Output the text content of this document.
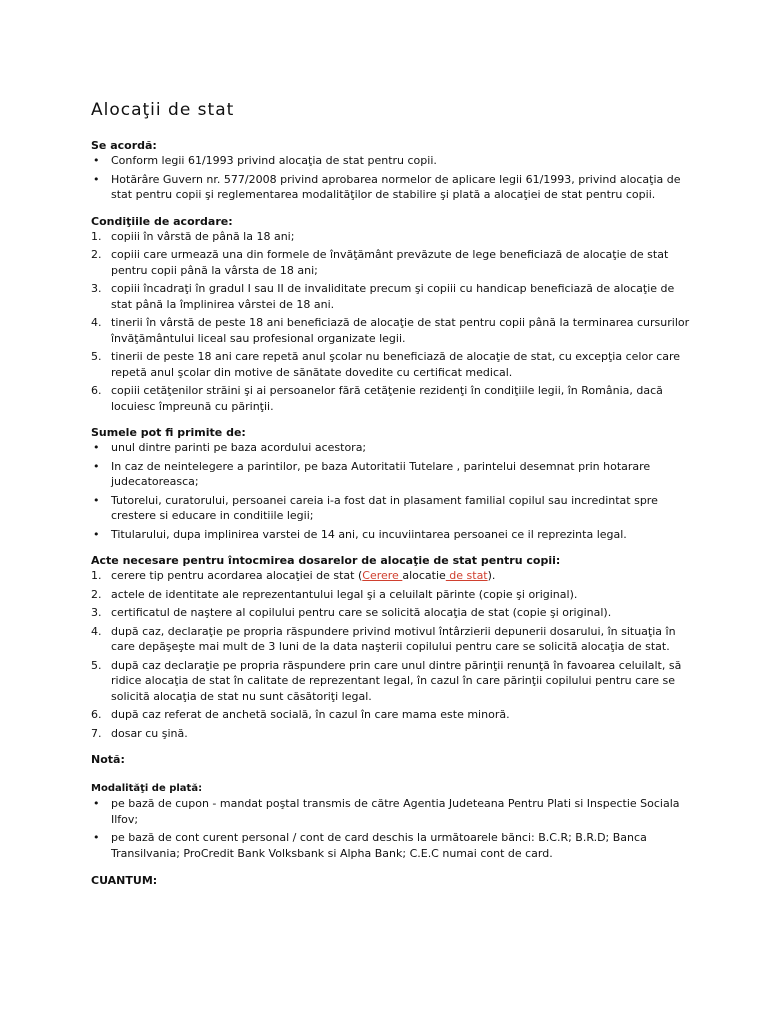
Alocaţii de stat

Se acordă:

• Conform legii 61/1993 privind alocaţia de stat pentru copii.
• Hotărâre Guvern nr. 577/2008 privind aprobarea normelor de aplicare legii 61/1993, privind alocaţia de stat pentru copii şi reglementarea modalităţilor de stabilire şi plată a alocaţiei de stat pentru copii.

Condiţiile de acordare:

1. copiii în vârstă de până la 18 ani;
2. copiii care urmează una din formele de învăţământ prevăzute de lege beneficiază de alocaţie de stat pentru copii până la vârsta de 18 ani;
3. copiii încadraţi în gradul I sau II de invaliditate precum şi copiii cu handicap beneficiază de alocaţie de stat până la împlinirea vârstei de 18 ani.
4. tinerii în vârstă de peste 18 ani beneficiază de alocaţie de stat pentru copii până la terminarea cursurilor învăţământului liceal sau profesional organizate legii.
5. tinerii de peste 18 ani care repetă anul şcolar nu beneficiază de alocaţie de stat, cu excepţia celor care repetă anul şcolar din motive de sănătate dovedite cu certificat medical.
6. copiii cetăţenilor străini şi ai persoanelor fără cetăţenie rezidenţi în condiţiile legii, în România, dacă locuiesc împreună cu părinţii.

Sumele pot fi primite de:

• unul dintre parinti pe baza acordului acestora;
• In caz de neintelegere a parintilor, pe baza Autoritatii Tutelare , parintelui desemnat prin hotarare judecatoreasca;
• Tutorelui, curatorului, persoanei careia i-a fost dat in plasament familial copilul sau incredintat spre crestere si educare in conditiile legii;
• Titularului, dupa implinirea varstei de 14 ani, cu incuviintarea persoanei ce il reprezinta legal.

Acte necesare pentru întocmirea dosarelor de alocaţie de stat pentru copii:

1. cerere tip pentru acordarea alocaţiei de stat (Cerere alocatie de stat).
2. actele de identitate ale reprezentantului legal şi a celuilalt părinte (copie şi original).
3. certificatul de naştere al copilului pentru care se solicită alocaţia de stat (copie şi original).
4. după caz, declaraţie pe propria răspundere privind motivul întârzierii depunerii dosarului, în situaţia în care depăşeşte mai mult de 3 luni de la data naşterii copilului pentru care se solicită alocaţia de stat.
5. după caz declaraţie pe propria răspundere prin care unul dintre părinţii renunţă în favoarea celuilalt, să ridice alocaţia de stat în calitate de reprezentant legal, în cazul în care părinţii copilului pentru care se solicită alocaţia de stat nu sunt căsătoriţi legal.
6. după caz referat de anchetă socială, în cazul în care mama este minoră.
7. dosar cu şină.

Notă:

Modalităţi de plată:

• pe bază de cupon - mandat poştal transmis de către Agentia Judeteana Pentru Plati si Inspectie Sociala Ilfov;
• pe bază de cont curent personal / cont de card deschis la următoarele bănci: B.C.R; B.R.D; Banca Transilvania; ProCredit Bank Volksbank si Alpha Bank; C.E.C numai cont de card.

CUANTUM:
